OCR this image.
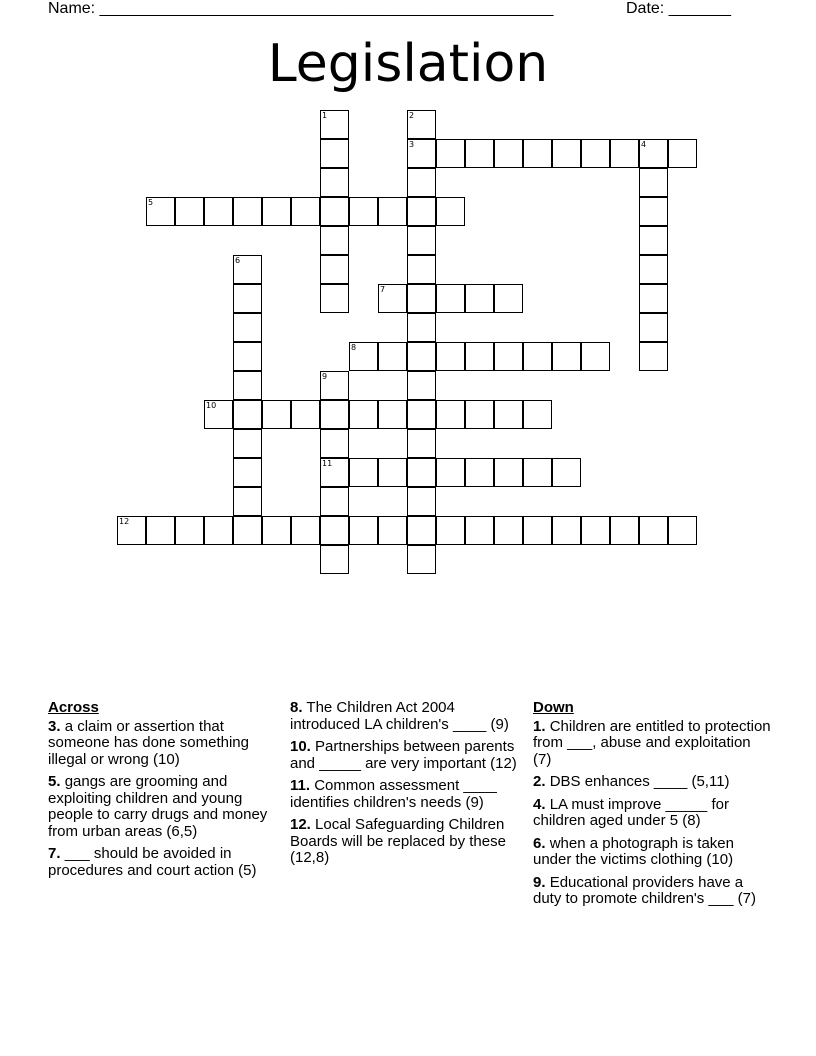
Name: ___________________________________________________	Date: _______
Legislation
1	2
3	4
5
6
7
8
9
11
10
12
Across
3. a claim or assertion that someone has done something illegal or wrong (10)
5. gangs are grooming and exploiting children and young people to carry drugs and money from urban areas (6,5)
7. ___ should be avoided in procedures and court action (5)
8. The Children Act 2004 introduced LA children's ____ (9)
10. Partnerships between parents and _____ are very important (12)
11. Common assessment ____ identifies children's needs (9)
12. Local Safeguarding Children Boards will be replaced by these (12,8)
Down
1. Children are entitled to protection from ___, abuse and exploitation (7)
2. DBS enhances ____ (5,11)
4. LA must improve _____ for children aged under 5 (8)
6. when a photograph is taken under the victims clothing (10)
9. Educational providers have a duty to promote children's ___ (7)
